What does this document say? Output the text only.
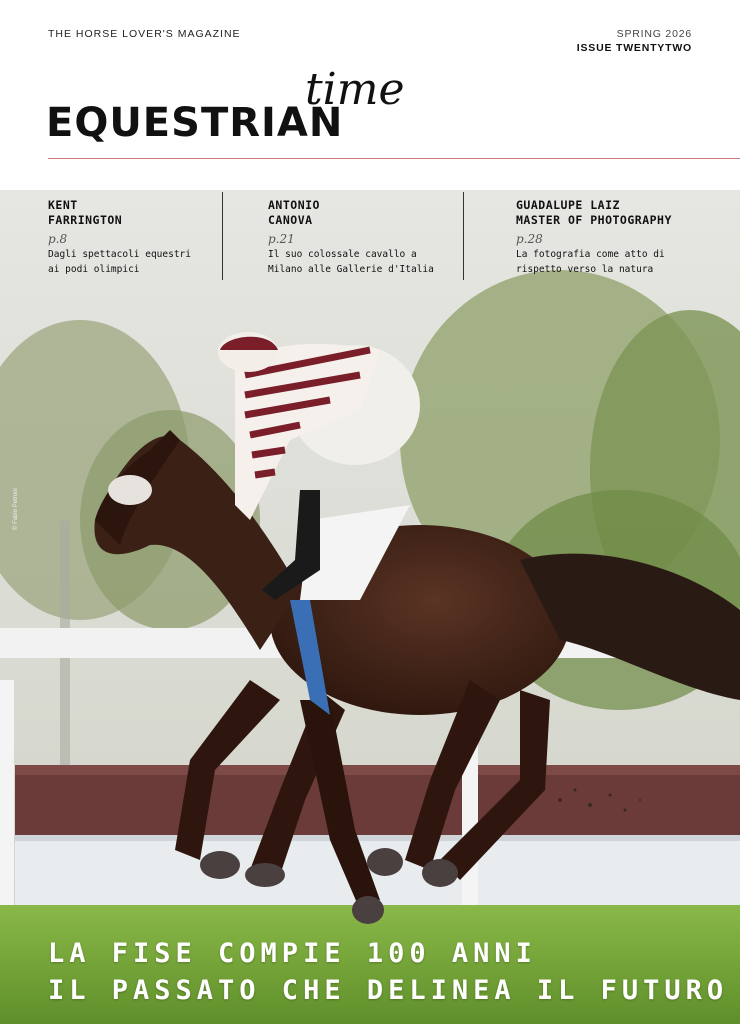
THE HORSE LOVER'S MAGAZINE	SPRING 2026
ISSUE TWENTYTWO
time
EQUESTRIAN
KENT
FARRINGTON
p.8
Dagli spettacoli equestri
ai podi olimpici
ANTONIO
CANOVA
p.21
Il suo colossale cavallo a
Milano alle Gallerie d'Italia
GUADALUPE LAIZ
MASTER OF PHOTOGRAPHY
p.28
La fotografia come atto di
rispetto verso la natura
© Fabio Petroni
LA FISE COMPIE 100 ANNI
IL PASSATO CHE DELINEA IL FUTURO
